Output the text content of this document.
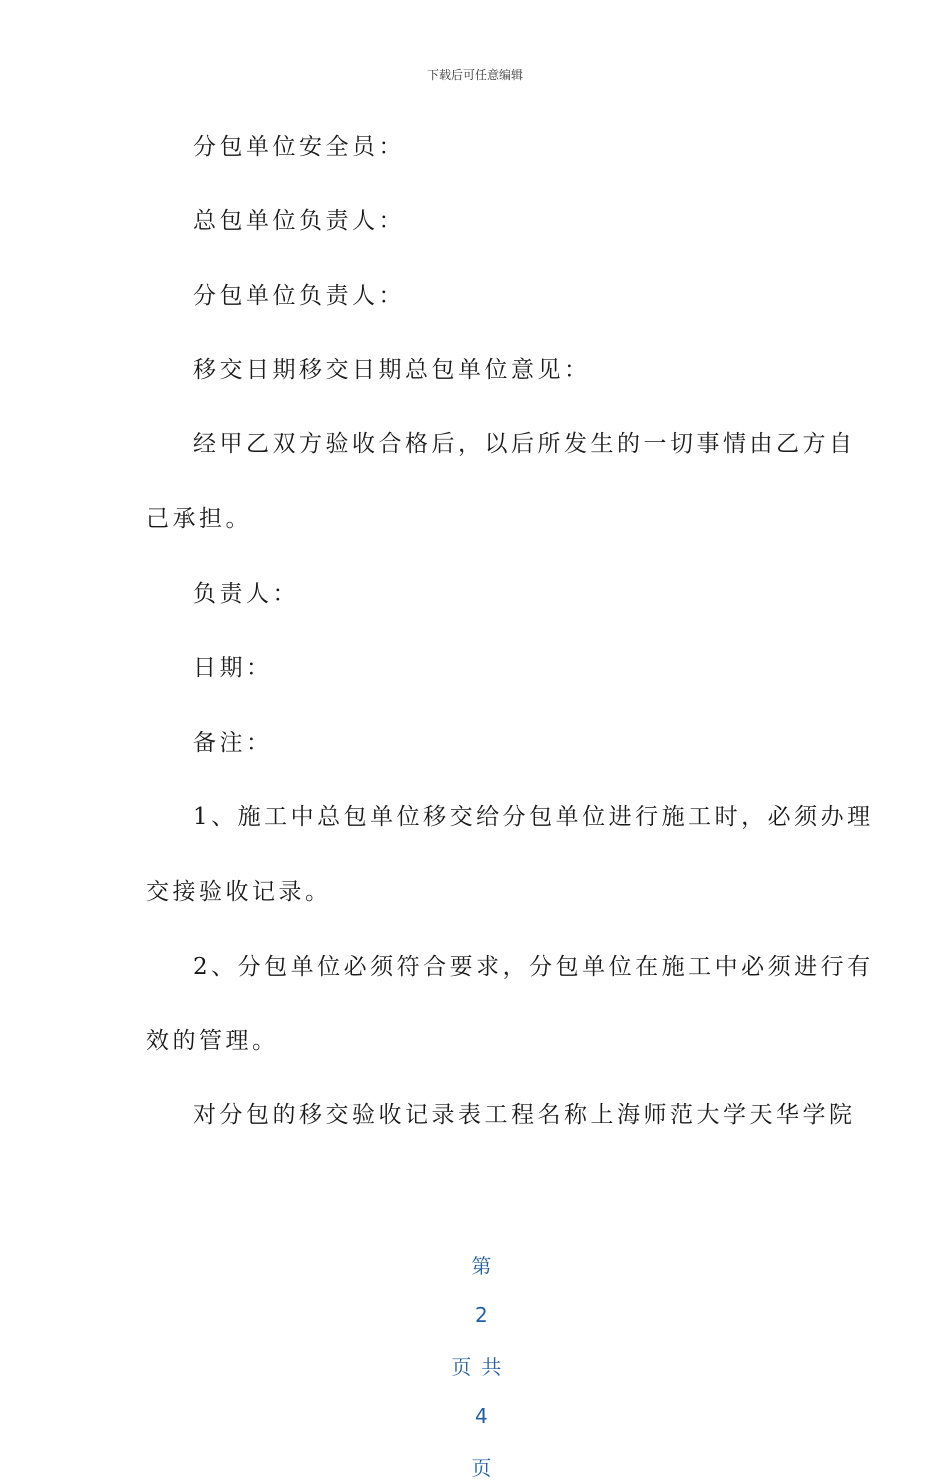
下载后可任意编辑
分包单位安全员：
总包单位负责人：
分包单位负责人：
移交日期移交日期总包单位意见：
经甲乙双方验收合格后，以后所发生的一切事情由乙方自
己承担。
负责人：
日期：
备注：
1、施工中总包单位移交给分包单位进行施工时，必须办理
交接验收记录。
2、分包单位必须符合要求，分包单位在施工中必须进行有
效的管理。
对分包的移交验收记录表工程名称上海师范大学天华学院

第

2

页共

4

页
